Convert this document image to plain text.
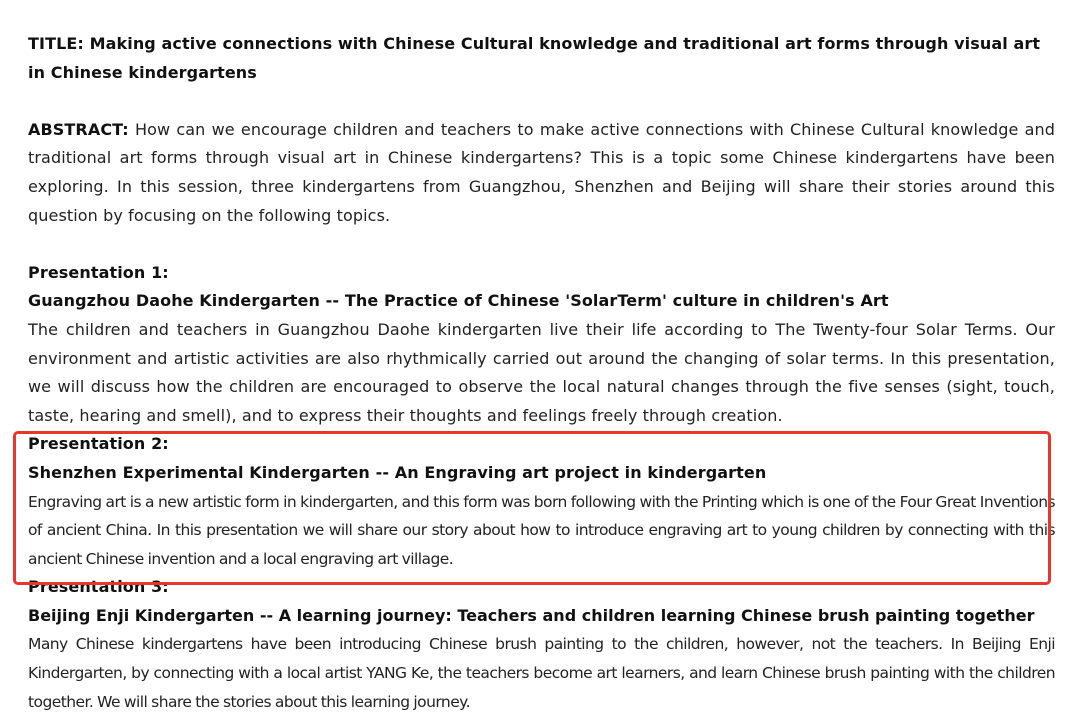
TITLE: Making active connections with Chinese Cultural knowledge and traditional art forms through visual art in Chinese kindergartens
ABSTRACT: How can we encourage children and teachers to make active connections with Chinese Cultural knowledge and traditional art forms through visual art in Chinese kindergartens? This is a topic some Chinese kindergartens have been exploring. In this session, three kindergartens from Guangzhou, Shenzhen and Beijing will share their stories around this question by focusing on the following topics.
Presentation 1:
Guangzhou Daohe Kindergarten -- The Practice of Chinese 'SolarTerm' culture in children's Art
The children and teachers in Guangzhou Daohe kindergarten live their life according to The Twenty-four Solar Terms. Our environment and artistic activities are also rhythmically carried out around the changing of solar terms. In this presentation, we will discuss how the children are encouraged to observe the local natural changes through the five senses (sight, touch, taste, hearing and smell), and to express their thoughts and feelings freely through creation.
Presentation 2:
Shenzhen Experimental Kindergarten -- An Engraving art project in kindergarten
Engraving art is a new artistic form in kindergarten, and this form was born following with the Printing which is one of the Four Great Inventions of ancient China. In this presentation we will share our story about how to introduce engraving art to young children by connecting with this ancient Chinese invention and a local engraving art village.
Presentation 3:
Beijing Enji Kindergarten -- A learning journey: Teachers and children learning Chinese brush painting together
Many Chinese kindergartens have been introducing Chinese brush painting to the children, however, not the teachers. In Beijing Enji Kindergarten, by connecting with a local artist YANG Ke, the teachers become art learners, and learn Chinese brush painting with the children together. We will share the stories about this learning journey.
